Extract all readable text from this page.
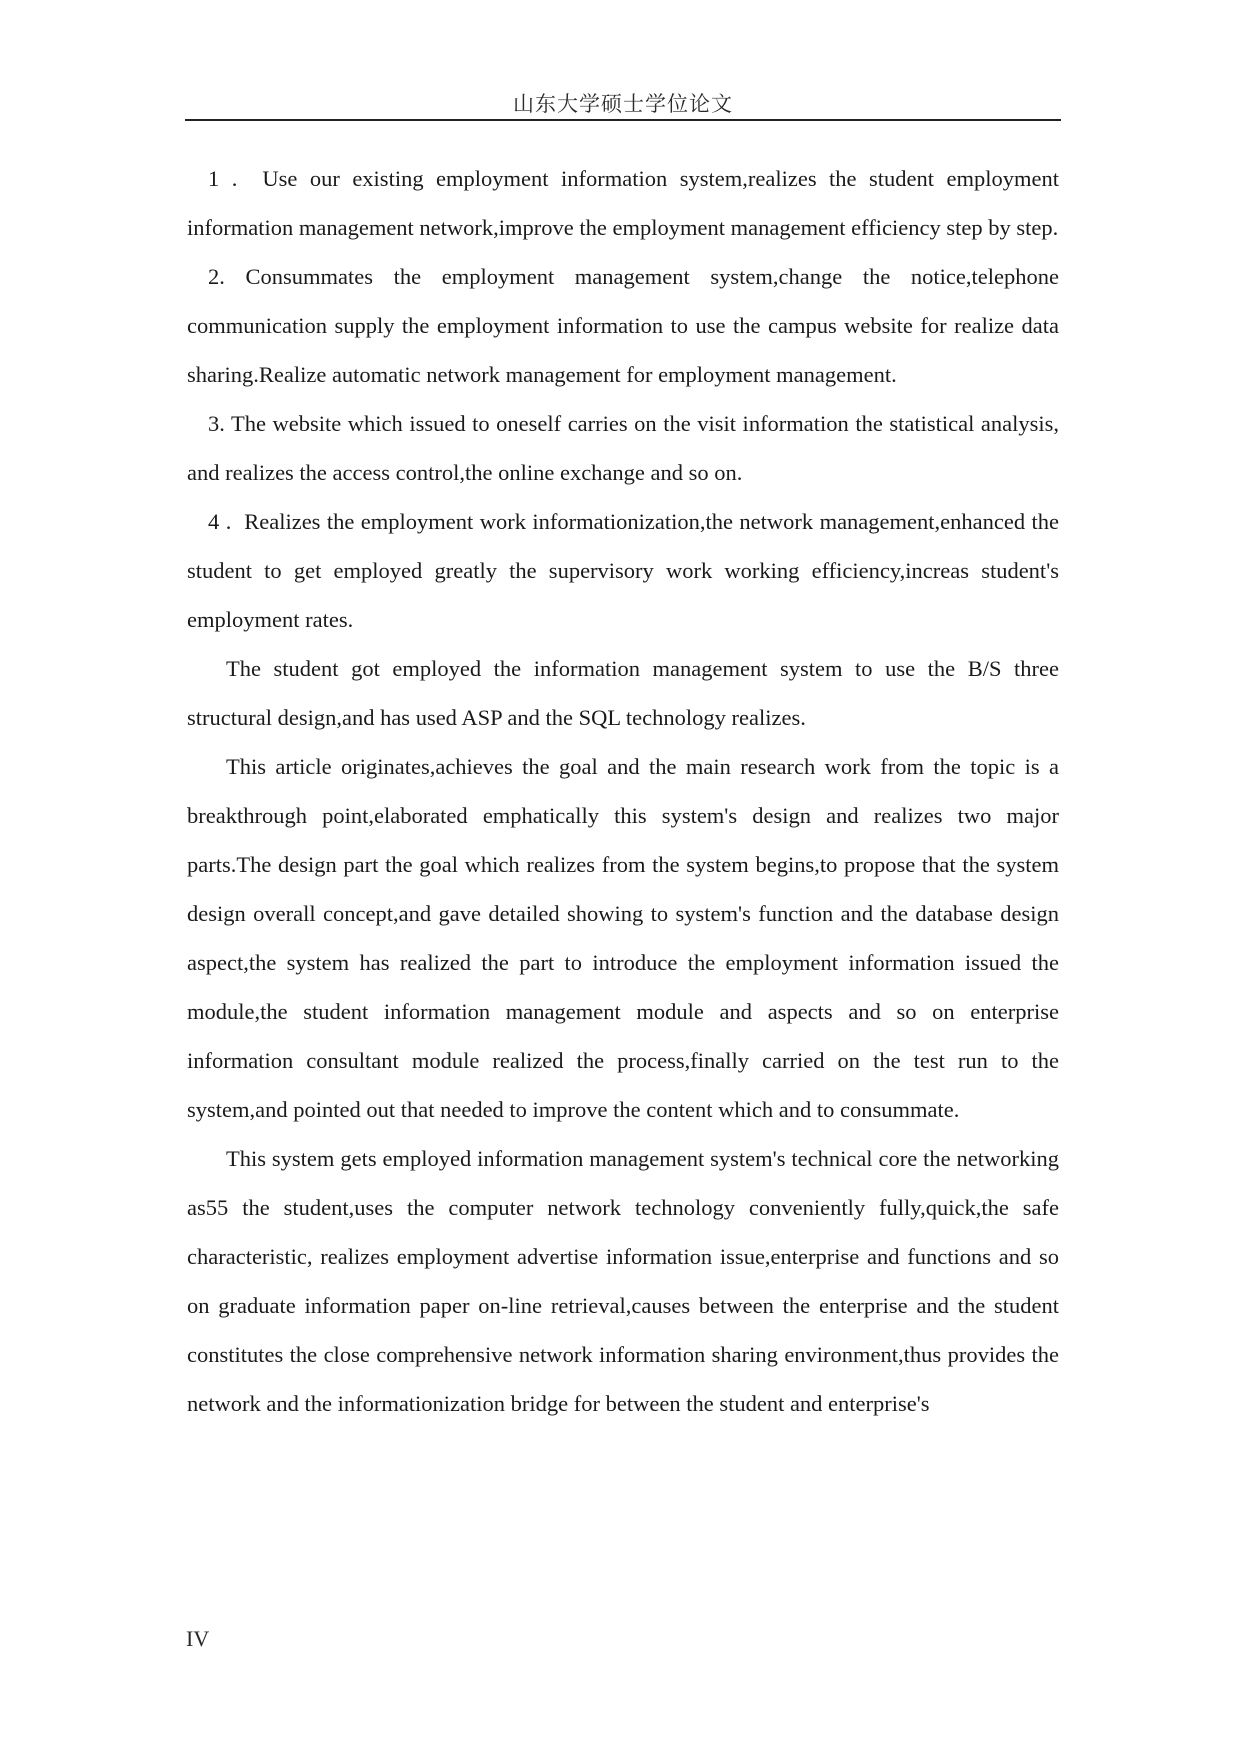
山东大学硕士学位论文

1 . Use our existing employment information system,realizes the student employment information management network,improve the employment management efficiency step by step.

2. Consummates the employment management system,change the notice,telephone communication supply the employment information to use the campus website for realize data sharing.Realize automatic network management for employment management.

3. The website which issued to oneself carries on the visit information the statistical analysis, and realizes the access control,the online exchange and so on.

4 . Realizes the employment work informationization,the network management,enhanced the student to get employed greatly the supervisory work working efficiency,increas student's employment rates.

The student got employed the information management system to use the B/S three structural design,and has used ASP and the SQL technology realizes.

This article originates,achieves the goal and the main research work from the topic is a breakthrough point,elaborated emphatically this system's design and realizes two major parts.The design part the goal which realizes from the system begins,to propose that the system design overall concept,and gave detailed showing to system's function and the database design aspect,the system has realized the part to introduce the employment information issued the module,the student information management module and aspects and so on enterprise information consultant module realized the process,finally carried on the test run to the system,and pointed out that needed to improve the content which and to consummate.

This system gets employed information management system's technical core the networking as55 the student,uses the computer network technology conveniently fully,quick,the safe characteristic, realizes employment advertise information issue,enterprise and functions and so on graduate information paper on-line retrieval,causes between the enterprise and the student constitutes the close comprehensive network information sharing environment,thus provides the network and the informationization bridge for between the student and enterprise's

IV
